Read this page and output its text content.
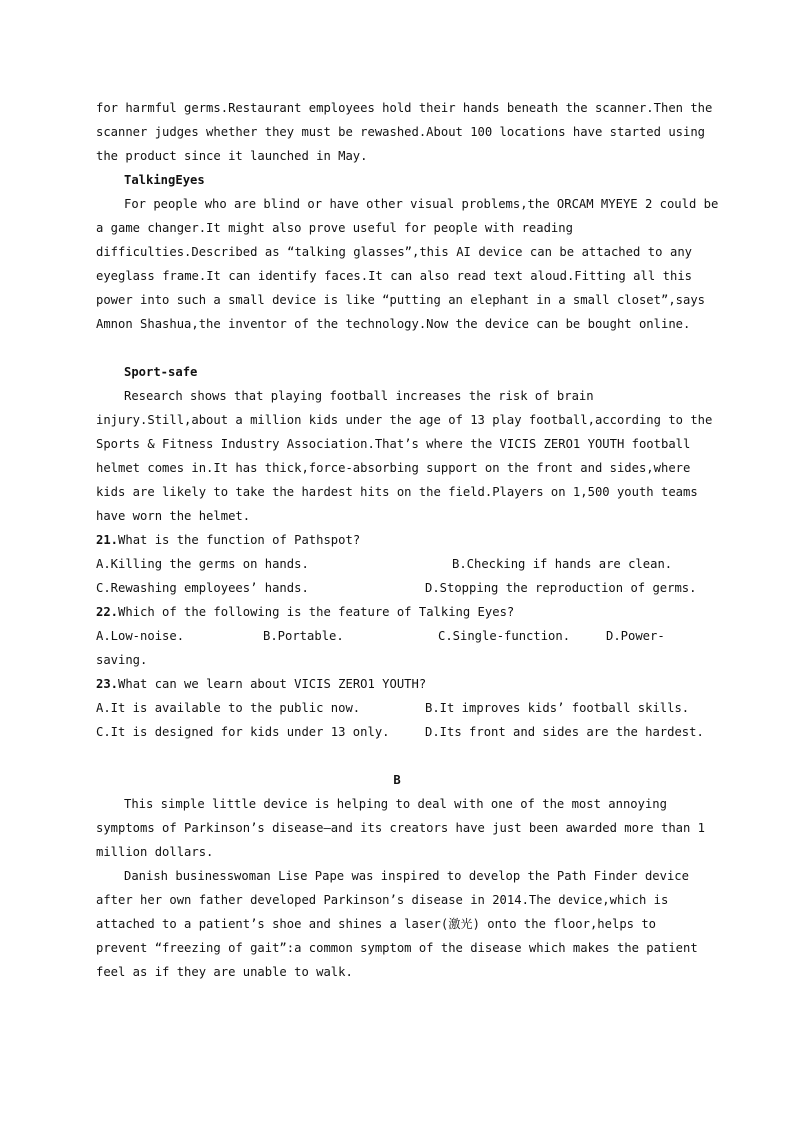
for harmful germs.Restaurant employees hold their hands beneath the scanner.Then the
scanner judges whether they must be rewashed.About 100 locations have started using
the product since it launched in May.
TalkingEyes
For people who are blind or have other visual problems,the ORCAM MYEYE 2 could be
a game changer.It might also prove useful for people with reading
difficulties.Described as “talking glasses”,this AI device can be attached to any
eyeglass frame.It can identify faces.It can also read text aloud.Fitting all this
power into such a small device is like “putting an elephant in a small closet”,says
Amnon Shashua,the inventor of the technology.Now the device can be bought online.
Sport-safe
Research shows that playing football increases the risk of brain
injury.Still,about a million kids under the age of 13 play football,according to the
Sports & Fitness Industry Association.That’s where the VICIS ZERO1 YOUTH football
helmet comes in.It has thick,force-absorbing support on the front and sides,where
kids are likely to take the hardest hits on the field.Players on 1,500 youth teams
have worn the helmet.
21.What is the function of Pathspot?
A.Killing the germs on hands.	B.Checking if hands are clean.
C.Rewashing employees’ hands.	D.Stopping the reproduction of germs.
22.Which of the following is the feature of Talking Eyes?
A.Low-noise.	B.Portable.	C.Single-function.	D.Power-
saving.
23.What can we learn about VICIS ZERO1 YOUTH?
A.It is available to the public now.	B.It improves kids’ football skills.
C.It is designed for kids under 13 only.	D.Its front and sides are the hardest.
B
This simple little device is helping to deal with one of the most annoying
symptoms of Parkinson’s disease—and its creators have just been awarded more than 1
million dollars.
Danish businesswoman Lise Pape was inspired to develop the Path Finder device
after her own father developed Parkinson’s disease in 2014.The device,which is
attached to a patient’s shoe and shines a laser(激光) onto the floor,helps to
prevent “freezing of gait”:a common symptom of the disease which makes the patient
feel as if they are unable to walk.
